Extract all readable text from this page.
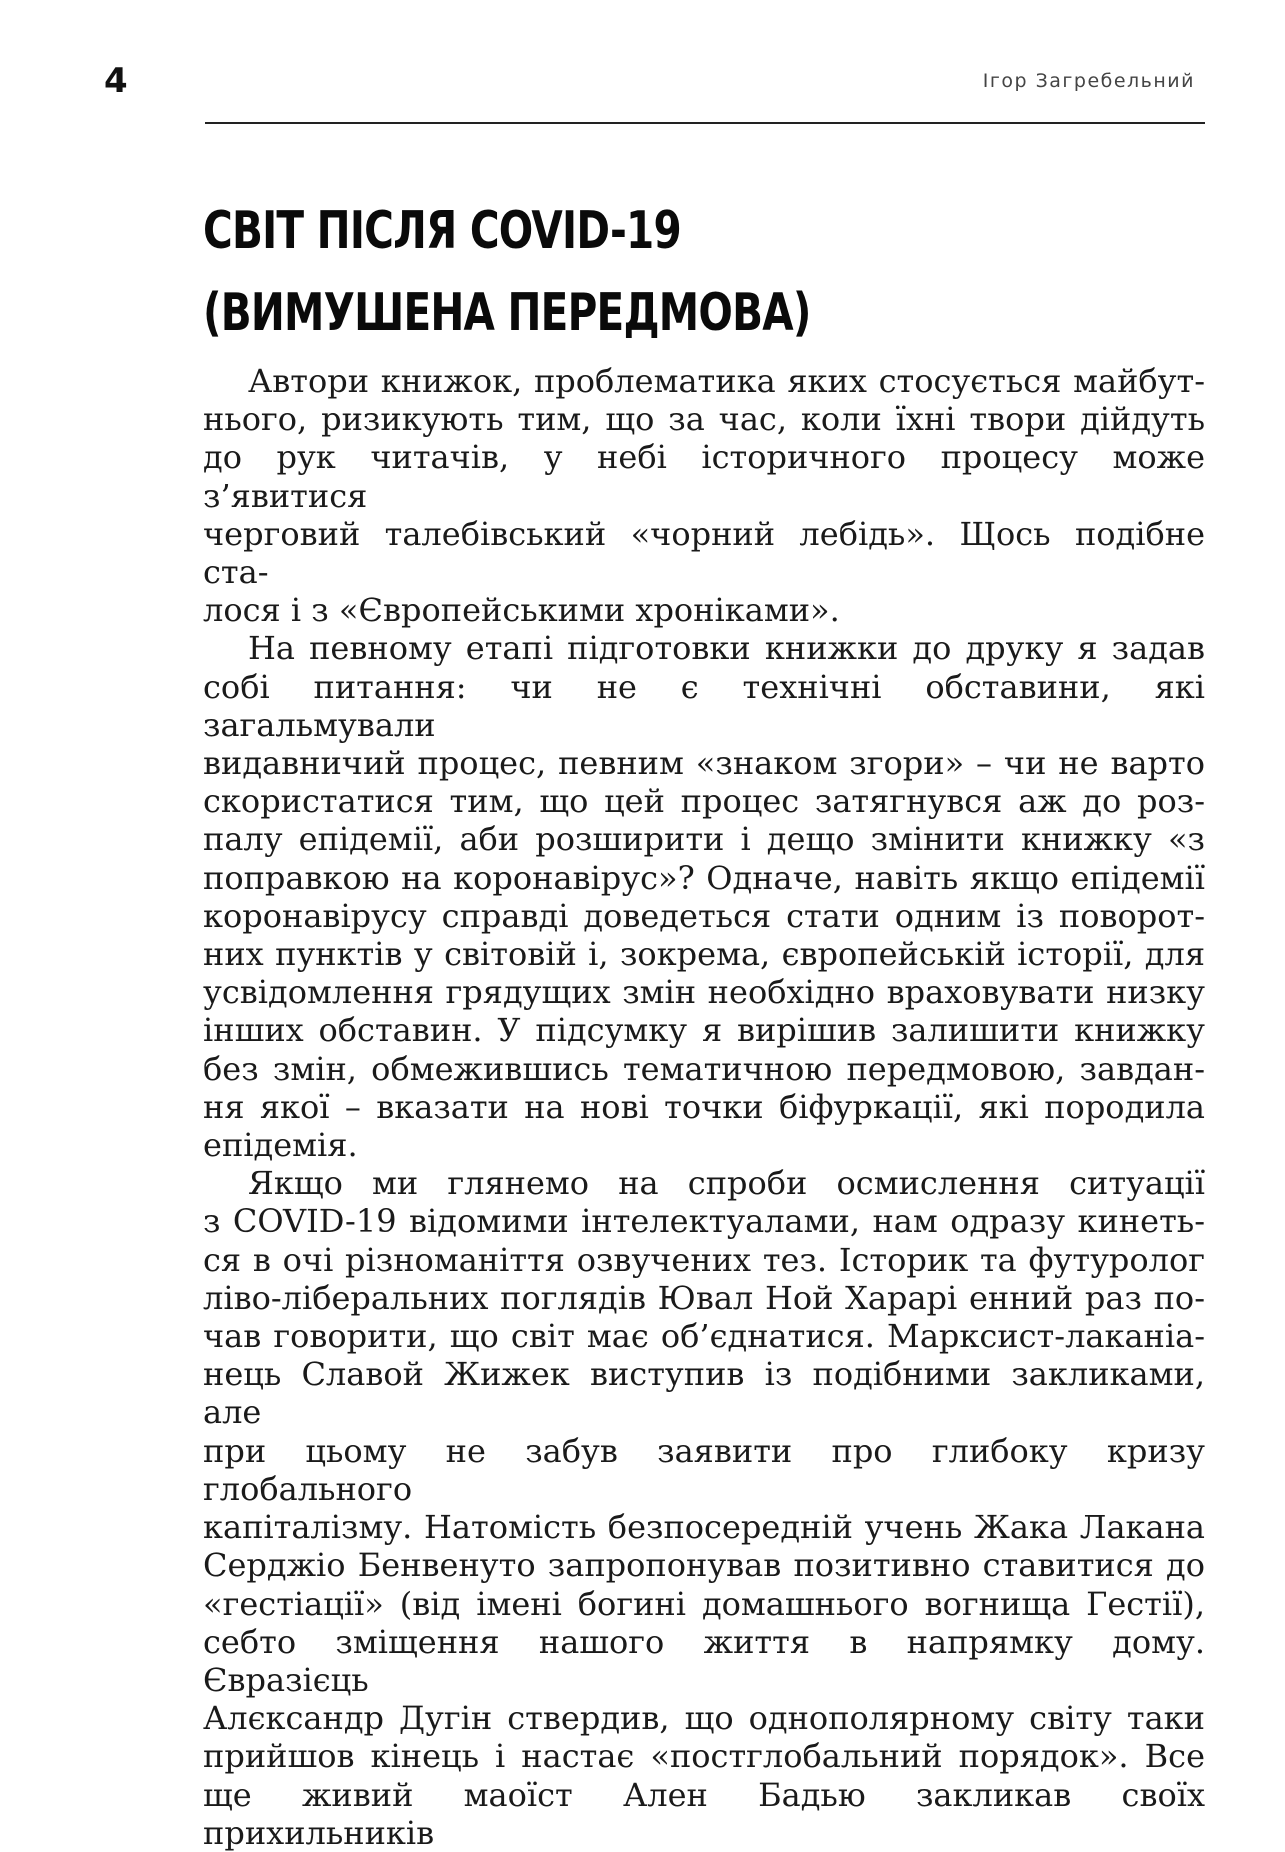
4	Ігор Загребельний
СВІТ ПІСЛЯ COVID-19
(ВИМУШЕНА ПЕРЕДМОВА)

Автори книжок, проблематика яких стосується майбут-
нього, ризикують тим, що за час, коли їхні твори дійдуть
до рук читачів, у небі історичного процесу може з’явитися
черговий талебівський «чорний лебідь». Щось подібне ста-
лося і з «Європейськими хроніками».

На певному етапі підготовки книжки до друку я задав
собі питання: чи не є технічні обставини, які загальмували
видавничий процес, певним «знаком згори» – чи не варто
скористатися тим, що цей процес затягнувся аж до роз-
палу епідемії, аби розширити і дещо змінити книжку «з
поправкою на коронавірус»? Одначе, навіть якщо епідемії
коронавірусу справді доведеться стати одним із поворот-
них пунктів у світовій і, зокрема, європейській історії, для
усвідомлення грядущих змін необхідно враховувати низку
інших обставин. У підсумку я вирішив залишити книжку
без змін, обмежившись тематичною передмовою, завдан-
ня якої – вказати на нові точки біфуркації, які породила
епідемія.

Якщо ми глянемо на спроби осмислення ситуації
з COVID-19 відомими інтелектуалами, нам одразу кинеть-
ся в очі різноманіття озвучених тез. Історик та футуролог
ліво-ліберальних поглядів Ювал Ной Харарі енний раз по-
чав говорити, що світ має об’єднатися. Марксист-лаканіа-
нець Славой Жижек виступив із подібними закликами, але
при цьому не забув заявити про глибоку кризу глобального
капіталізму. Натомість безпосередній учень Жака Лакана
Серджіо Бенвенуто запропонував позитивно ставитися до
«гестіації» (від імені богині домашнього вогнища Гестії),
себто зміщення нашого життя в напрямку дому. Євразієць
Алєксандр Дугін ствердив, що однополярному світу таки
прийшов кінець і настає «постглобальний порядок». Все
ще живий маоїст Ален Бадью закликав своїх прихильників
